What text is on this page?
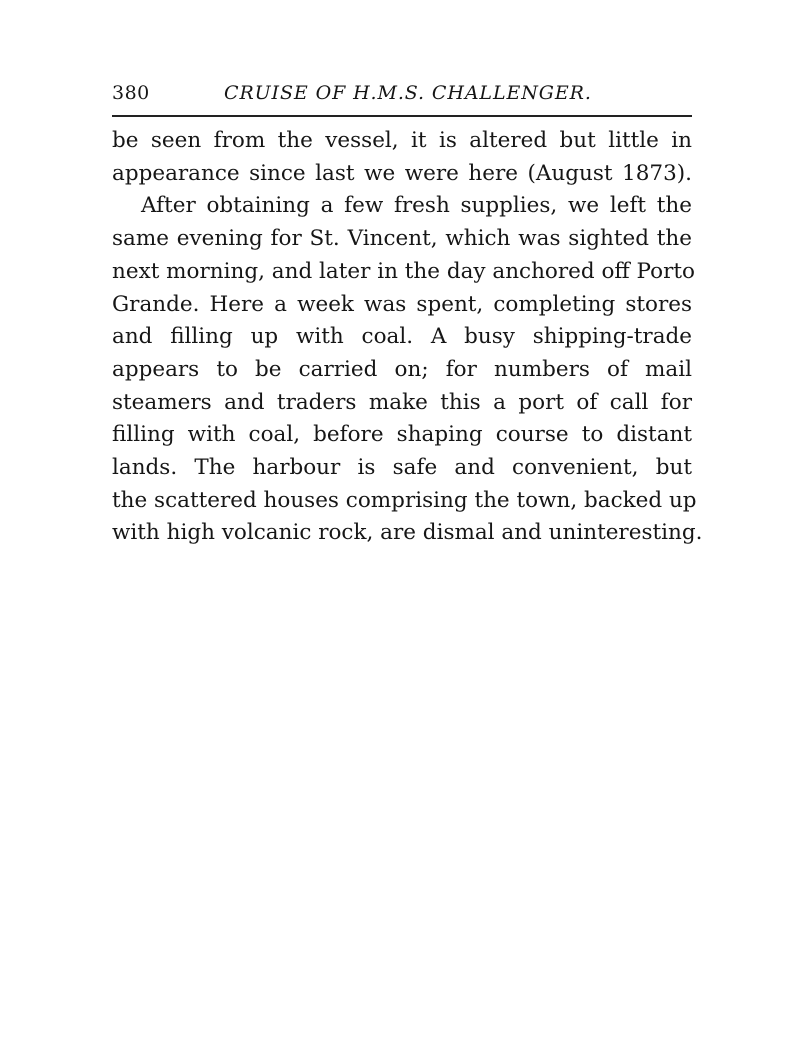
380	CRUISE OF H.M.S. CHALLENGER.
be seen from the vessel, it is altered but little in
appearance since last we were here (August 1873).
After obtaining a few fresh supplies, we left the
same evening for St. Vincent, which was sighted the
next morning, and later in the day anchored off Porto
Grande. Here a week was spent, completing stores
and filling up with coal. A busy shipping-trade
appears to be carried on; for numbers of mail
steamers and traders make this a port of call for
filling with coal, before shaping course to distant
lands. The harbour is safe and convenient, but
the scattered houses comprising the town, backed up
with high volcanic rock, are dismal and uninteresting.
